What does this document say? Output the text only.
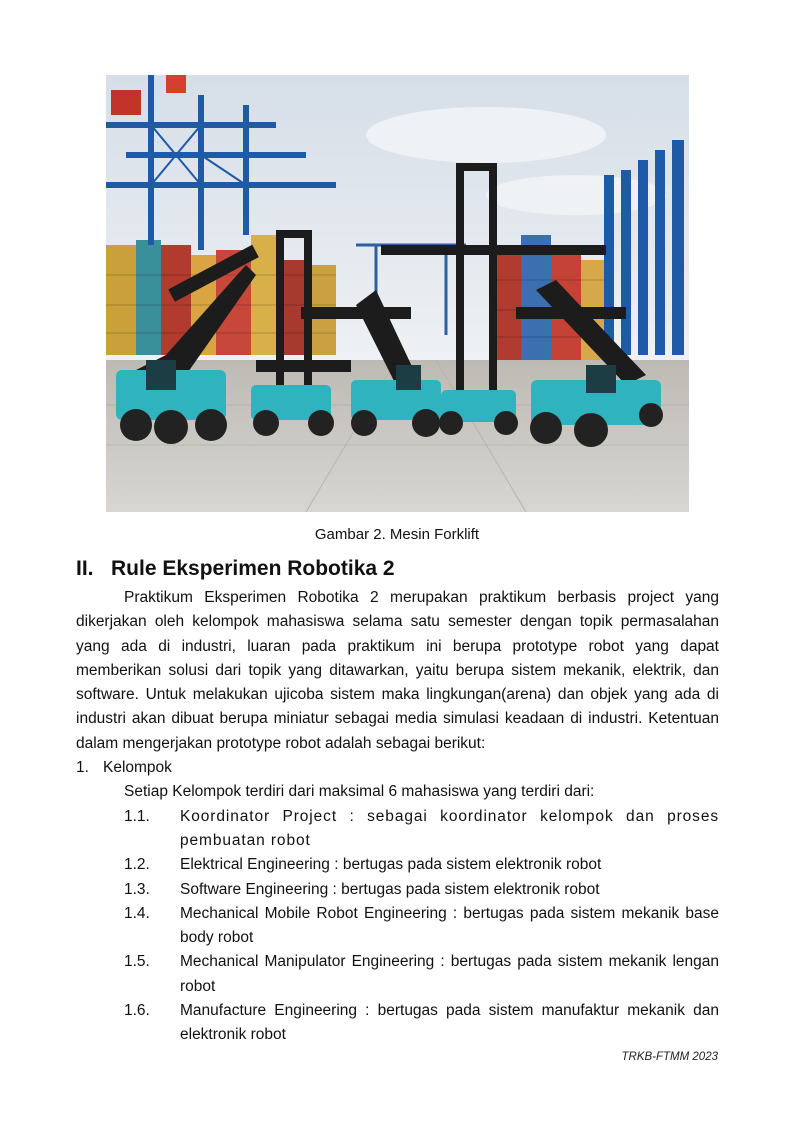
Gambar 2. Mesin Forklift
II. Rule Eksperimen Robotika 2

Praktikum Eksperimen Robotika 2 merupakan praktikum berbasis project yang dikerjakan oleh kelompok mahasiswa selama satu semester dengan topik permasalahan yang ada di industri, luaran pada praktikum ini berupa prototype robot yang dapat memberikan solusi dari topik yang ditawarkan, yaitu berupa sistem mekanik, elektrik, dan software. Untuk melakukan ujicoba sistem maka lingkungan(arena) dan objek yang ada di industri akan dibuat berupa miniatur sebagai media simulasi keadaan di industri. Ketentuan dalam mengerjakan prototype robot adalah sebagai berikut:

1. Kelompok

Setiap Kelompok terdiri dari maksimal 6 mahasiswa yang terdiri dari:

1.1.	Koordinator Project : sebagai koordinator kelompok dan proses pembuatan robot
1.2.	Elektrical Engineering : bertugas pada sistem elektronik robot
1.3.	Software Engineering : bertugas pada sistem elektronik robot
1.4.	Mechanical Mobile Robot Engineering : bertugas pada sistem mekanik base body robot
1.5.	Mechanical Manipulator Engineering : bertugas pada sistem mekanik lengan robot
1.6.	Manufacture Engineering : bertugas pada sistem manufaktur mekanik dan elektronik robot
TRKB-FTMM 2023
